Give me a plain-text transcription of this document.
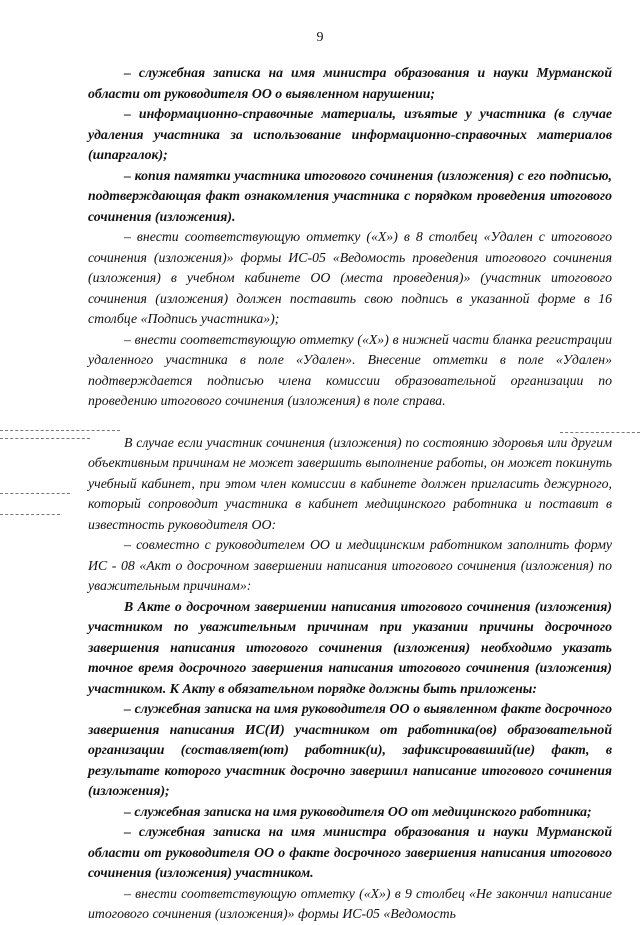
9

– служебная записка на имя министра образования и науки Мурманской области от руководителя ОО о выявленном нарушении;

– информационно-справочные материалы, изъятые у участника (в случае удаления участника за использование информационно-справочных материалов (шпаргалок);

– копия памятки участника итогового сочинения (изложения) с его подписью, подтверждающая факт ознакомления участника с порядком проведения итогового сочинения (изложения).

– внести соответствующую отметку («Х») в 8 столбец «Удален с итогового сочинения (изложения)» формы ИС-05 «Ведомость проведения итогового сочинения (изложения) в учебном кабинете ОО (места проведения)» (участник итогового сочинения (изложения) должен поставить свою подпись в указанной форме в 16 столбце «Подпись участника»);

– внести соответствующую отметку («Х») в нижней части бланка регистрации удаленного участника в поле «Удален». Внесение отметки в поле «Удален» подтверждается подписью члена комиссии образовательной организации по проведению итогового сочинения (изложения) в поле справа.

В случае если участник сочинения (изложения) по состоянию здоровья или другим объективным причинам не может завершить выполнение работы, он может покинуть учебный кабинет, при этом член комиссии в кабинете должен пригласить дежурного, который сопроводит участника в кабинет медицинского работника и поставит в известность руководителя ОО:

– совместно с руководителем ОО и медицинским работником заполнить форму ИС - 08 «Акт о досрочном завершении написания итогового сочинения (изложения) по уважительным причинам»:

В Акте о досрочном завершении написания итогового сочинения (изложения) участником по уважительным причинам при указании причины досрочного завершения написания итогового сочинения (изложения) необходимо указать точное время досрочного завершения написания итогового сочинения (изложения) участником. К Акту в обязательном порядке должны быть приложены:

– служебная записка на имя руководителя ОО о выявленном факте досрочного завершения написания ИС(И) участником от работника(ов) образовательной организации (составляет(ют) работник(и), зафиксировавший(ие) факт, в результате которого участник досрочно завершил написание итогового сочинения (изложения);

– служебная записка на имя руководителя ОО от медицинского работника;

– служебная записка на имя министра образования и науки Мурманской области от руководителя ОО о факте досрочного завершения написания итогового сочинения (изложения) участником.

– внести соответствующую отметку («Х») в 9 столбец «Не закончил написание итогового сочинения (изложения)» формы ИС-05 «Ведомость
